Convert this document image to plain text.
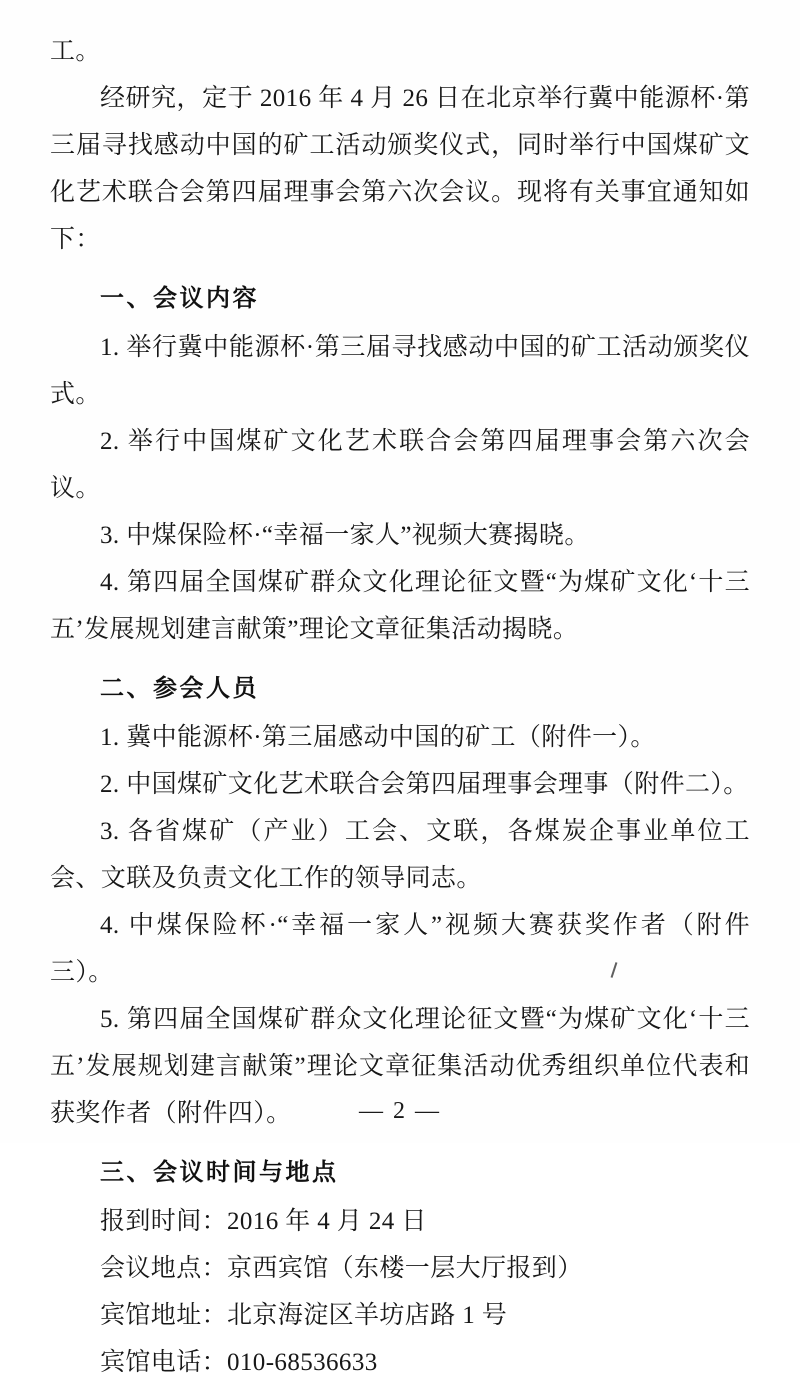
工。

经研究，定于 2016 年 4 月 26 日在北京举行冀中能源杯·第三届寻找感动中国的矿工活动颁奖仪式，同时举行中国煤矿文化艺术联合会第四届理事会第六次会议。现将有关事宜通知如下：

一、会议内容

1. 举行冀中能源杯·第三届寻找感动中国的矿工活动颁奖仪式。

2. 举行中国煤矿文化艺术联合会第四届理事会第六次会议。

3. 中煤保险杯·“幸福一家人”视频大赛揭晓。

4. 第四届全国煤矿群众文化理论征文暨“为煤矿文化‘十三五’发展规划建言献策”理论文章征集活动揭晓。

二、参会人员

1. 冀中能源杯·第三届感动中国的矿工（附件一）。

2. 中国煤矿文化艺术联合会第四届理事会理事（附件二）。

3. 各省煤矿（产业）工会、文联，各煤炭企事业单位工会、文联及负责文化工作的领导同志。

4. 中煤保险杯·“幸福一家人”视频大赛获奖作者（附件三）。

5. 第四届全国煤矿群众文化理论征文暨“为煤矿文化‘十三五’发展规划建言献策”理论文章征集活动优秀组织单位代表和获奖作者（附件四）。

三、会议时间与地点

报到时间：2016 年 4 月 24 日

会议地点：京西宾馆（东楼一层大厅报到）

宾馆地址：北京海淀区羊坊店路 1 号

宾馆电话：010-68536633

— 2 —
